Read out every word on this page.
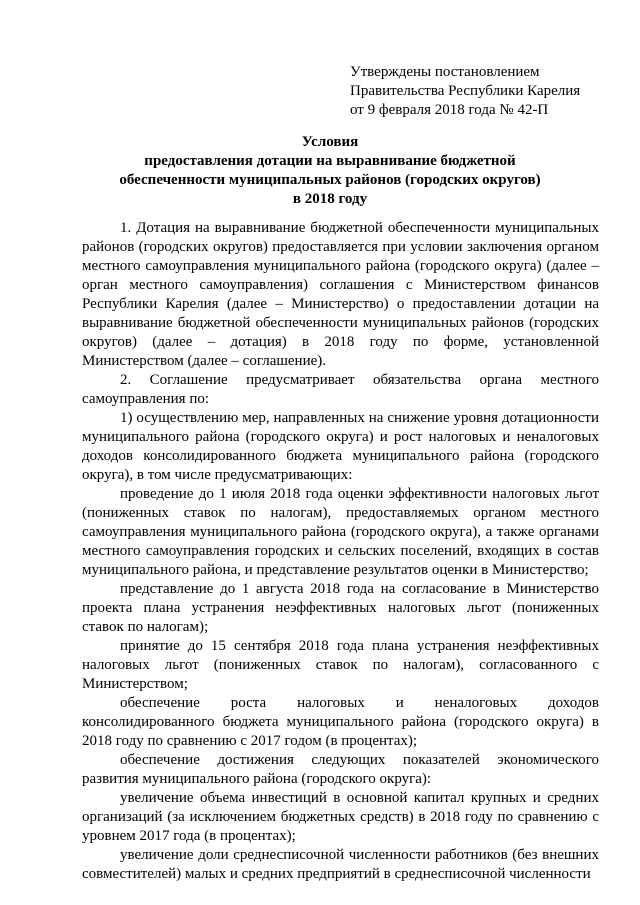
Утверждены постановлением
Правительства Республики Карелия
от 9 февраля 2018 года № 42-П
Условия
предоставления дотации на выравнивание бюджетной
обеспеченности муниципальных районов (городских округов)
в 2018 году

1. Дотация на выравнивание бюджетной обеспеченности муниципальных районов (городских округов) предоставляется при условии заключения органом местного самоуправления муниципального района (городского округа) (далее – орган местного самоуправления) соглашения с Министерством финансов Республики Карелия (далее – Министерство) о предоставлении дотации на выравнивание бюджетной обеспеченности муниципальных районов (городских округов) (далее – дотация) в 2018 году по форме, установленной Министерством (далее – соглашение).

2. Соглашение предусматривает обязательства органа местного самоуправления по:

1) осуществлению мер, направленных на снижение уровня дотационности муниципального района (городского округа) и рост налоговых и неналоговых доходов консолидированного бюджета муниципального района (городского округа), в том числе предусматривающих:

проведение до 1 июля 2018 года оценки эффективности налоговых льгот (пониженных ставок по налогам), предоставляемых органом местного самоуправления муниципального района (городского округа), а также органами местного самоуправления городских и сельских поселений, входящих в состав муниципального района, и представление результатов оценки в Министерство;

представление до 1 августа 2018 года на согласование в Министерство проекта плана устранения неэффективных налоговых льгот (пониженных ставок по налогам);

принятие до 15 сентября 2018 года плана устранения неэффективных налоговых льгот (пониженных ставок по налогам), согласованного с Министерством;

обеспечение роста налоговых и неналоговых доходов консолидированного бюджета муниципального района (городского округа) в 2018 году по сравнению с 2017 годом (в процентах);

обеспечение достижения следующих показателей экономического развития муниципального района (городского округа):

увеличение объема инвестиций в основной капитал крупных и средних организаций (за исключением бюджетных средств) в 2018 году по сравнению с уровнем 2017 года (в процентах);

увеличение доли среднесписочной численности работников (без внешних совместителей) малых и средних предприятий в среднесписочной численности
